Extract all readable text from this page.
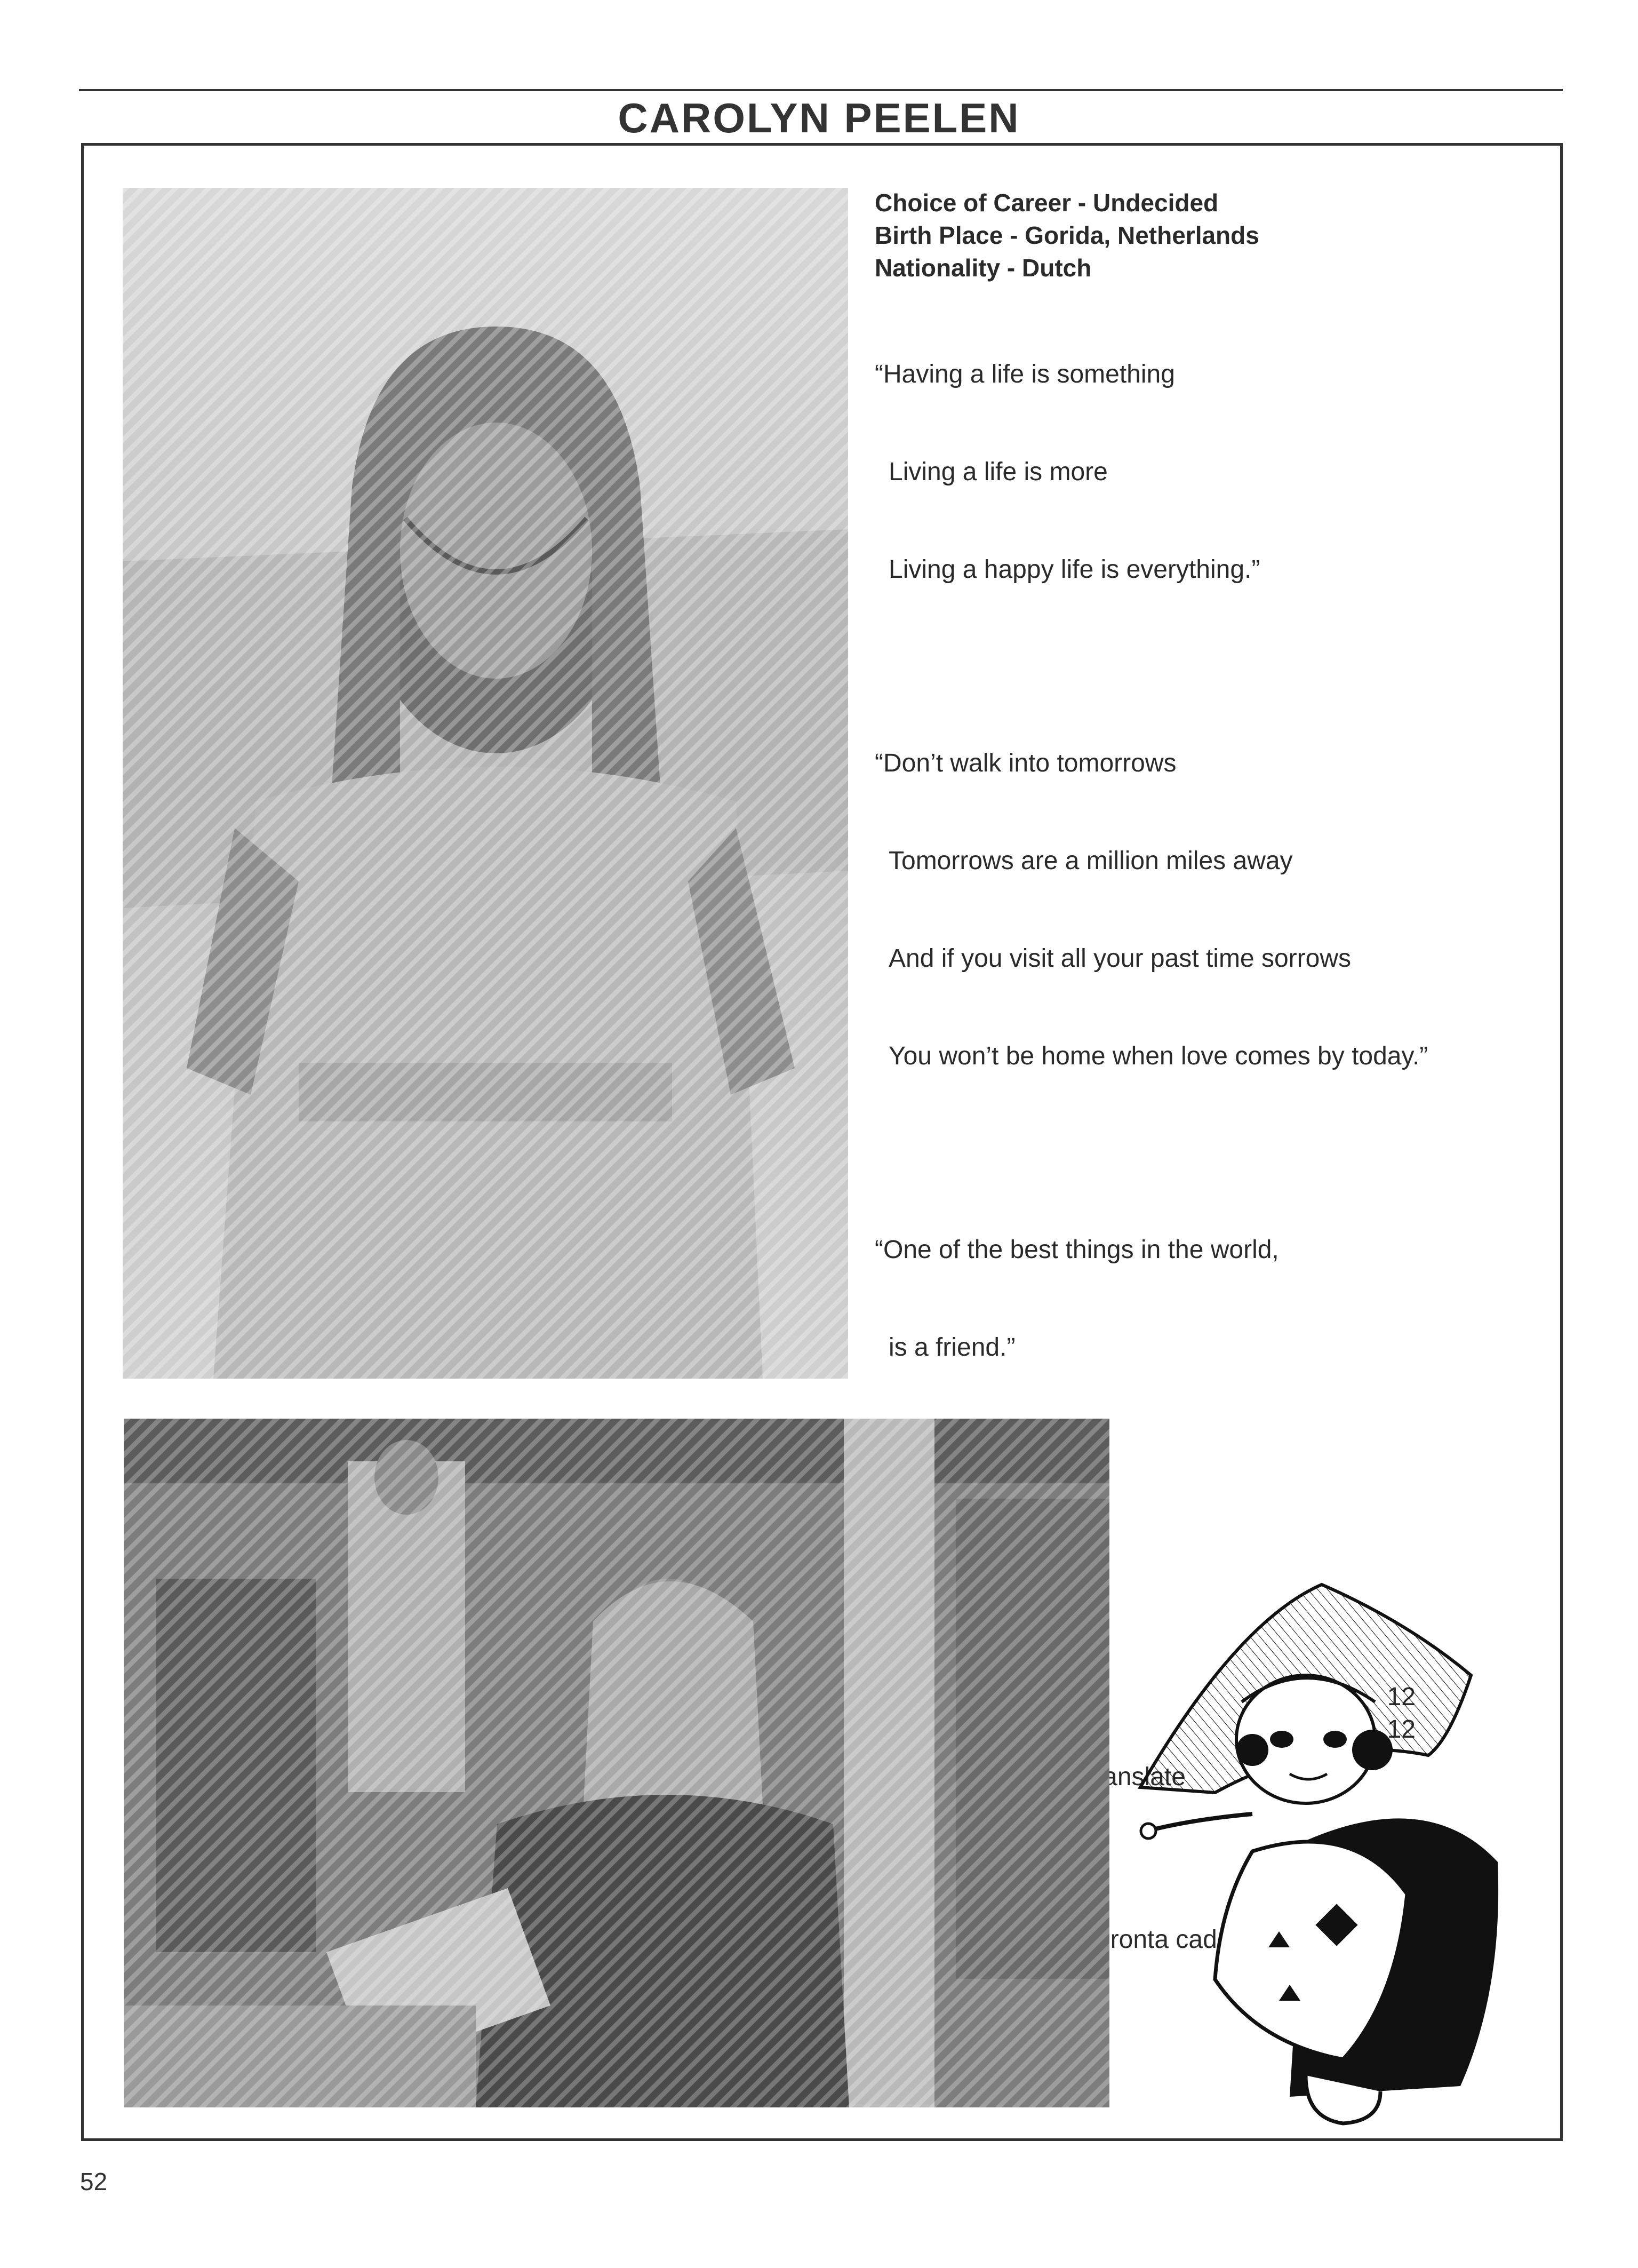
CAROLYN PEELEN
Choice of Career - Undecided
Birth Place - Gorida, Netherlands
Nationality - Dutch

“Having a life is something

Living a life is more

Living a happy life is everything.”

“Don’t walk into tomorrows

Tomorrows are a million miles away

And if you visit all your past time sorrows

You won’t be home when love comes by today.”

“One of the best things in the world,

is a friend.”

translate
apronta cada
52
